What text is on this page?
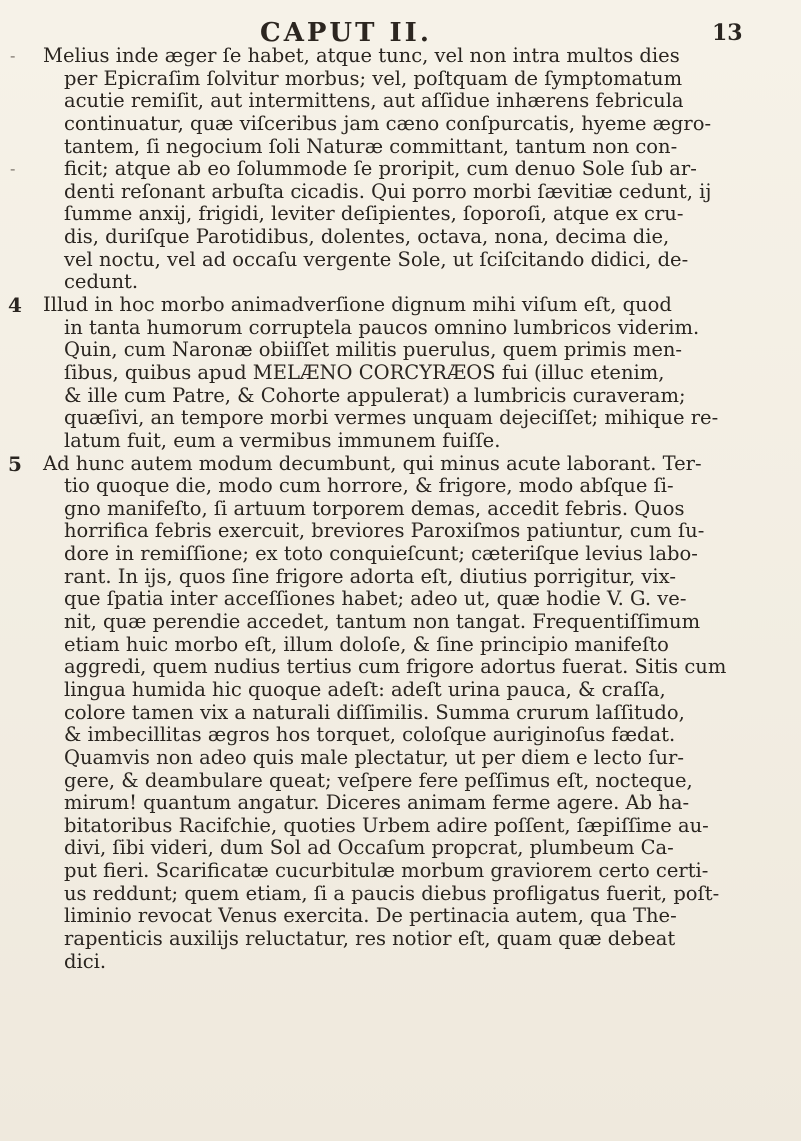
CAPUT II.	13
-	Melius inde æger ſe habet, atque tunc, vel non intra multos dies
per Epicraſim ſolvitur morbus; vel, poſtquam de ſymptomatum
acutie remiſit, aut intermittens, aut aſſidue inhærens febricula
continuatur, quæ viſceribus jam cæno conſpurcatis, hyeme ægro-
tantem, ſi negocium ſoli Naturæ committant, tantum non con-
-	ficit; atque ab eo ſolummode ſe proripit, cum denuo Sole ſub ar-
denti reſonant arbuſta cicadis. Qui porro morbi ſævitiæ cedunt, ij
ſumme anxij, frigidi, leviter deſipientes, ſoporoſi, atque ex cru-
dis, duriſque Parotidibus, dolentes, octava, nona, decima die,
vel noctu, vel ad occaſu vergente Sole, ut ſciſcitando didici, de-
cedunt.
4 Illud in hoc morbo animadverſione dignum mihi viſum eſt, quod
in tanta humorum corruptela paucos omnino lumbricos viderim.
Quin, cum Naronæ obiiſſet militis puerulus, quem primis men-
ſibus, quibus apud MELÆNO CORCYRÆOS fui (illuc etenim,
& ille cum Patre, & Cohorte appulerat) a lumbricis curaveram;
quæſivi, an tempore morbi vermes unquam dejeciſſet; mihique re-
latum fuit, eum a vermibus immunem fuiſſe.
5 Ad hunc autem modum decumbunt, qui minus acute laborant. Ter-
tio quoque die, modo cum horrore, & frigore, modo abſque ſi-
gno manifeſto, ſi artuum torporem demas, accedit febris. Quos
horrifica febris exercuit, breviores Paroxiſmos patiuntur, cum ſu-
dore in remiſſione; ex toto conquieſcunt; cæteriſque levius labo-
rant. In ijs, quos ſine frigore adorta eſt, diutius porrigitur, vix-
que ſpatia inter acceſſiones habet; adeo ut, quæ hodie V. G. ve-
nit, quæ perendie accedet, tantum non tangat. Frequentiſſimum
etiam huic morbo eſt, illum doloſe, & ſine principio manifeſto
aggredi, quem nudius tertius cum frigore adortus fuerat. Sitis cum
lingua humida hic quoque adeſt: adeſt urina pauca, & craſſa,
colore tamen vix a naturali diſſimilis. Summa crurum laſſitudo,
& imbecillitas ægros hos torquet, coloſque auriginoſus fædat.
Quamvis non adeo quis male plectatur, ut per diem e lecto ſur-
gere, & deambulare queat; veſpere fere peſſimus eſt, nocteque,
mirum! quantum angatur. Diceres animam ferme agere. Ab ha-
bitatoribus Racifchie, quoties Urbem adire poſſent, ſæpiſſime au-
divi, ſibi videri, dum Sol ad Occaſum propcrat, plumbeum Ca-
put fieri. Scarificatæ cucurbitulæ morbum graviorem certo certi-
us reddunt; quem etiam, ſi a paucis diebus profligatus fuerit, poſt-
liminio revocat Venus exercita. De pertinacia autem, qua The-
rapenticis auxilijs reluctatur, res notior eſt, quam quæ debeat
dici.
